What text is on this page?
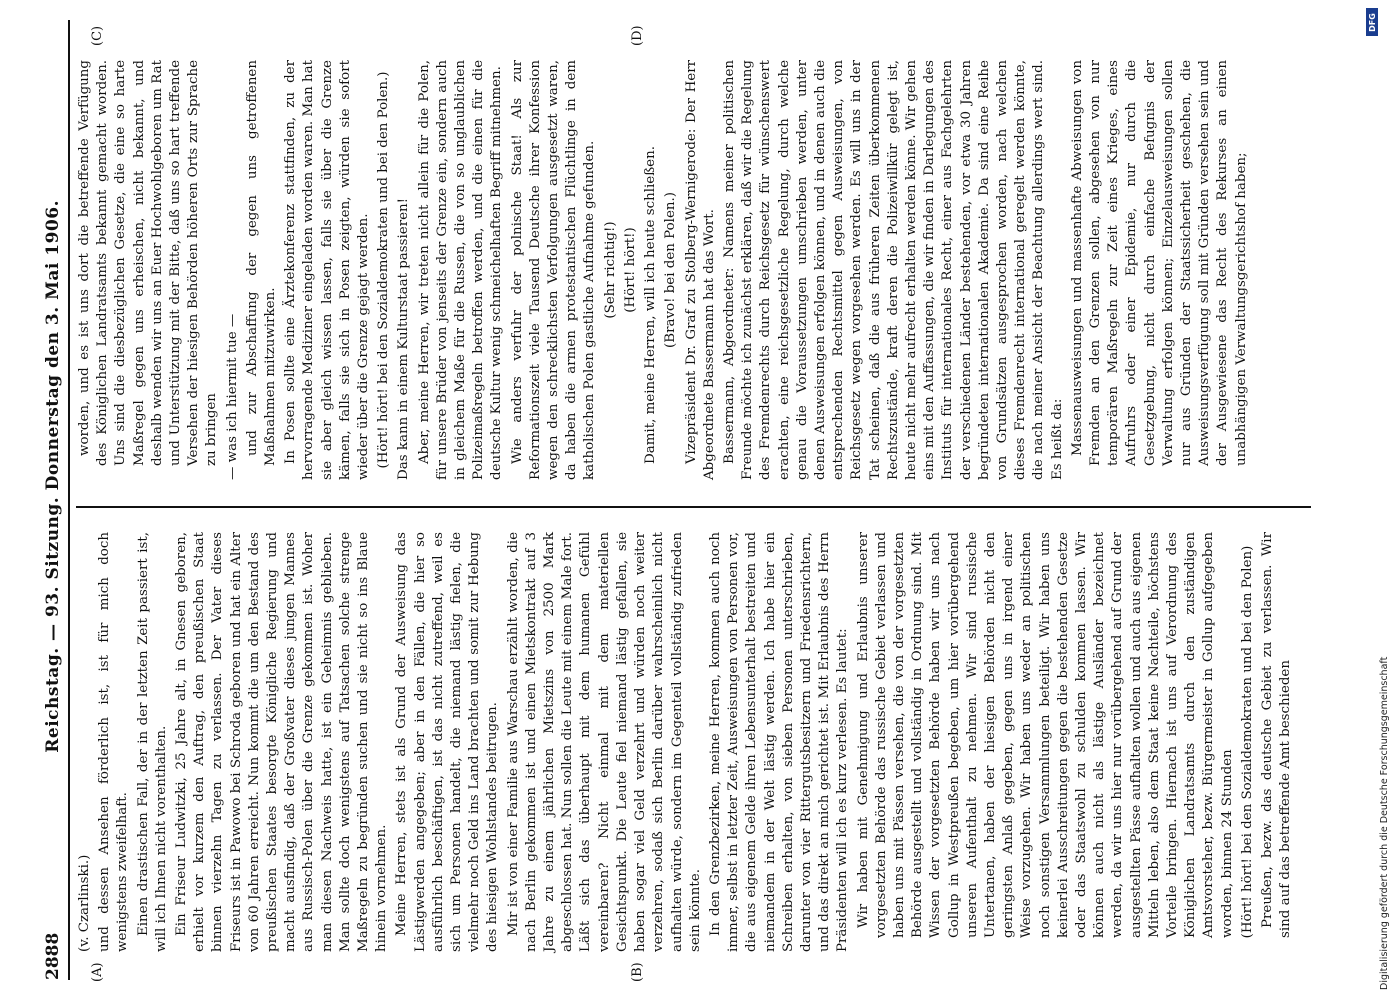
2888
Reichstag. — 93. Sitzung. Donnerstag den 3. Mai 1906.
(A)	(B)
(C)	(D)

(v. Czarlinski.) und dessen Ansehen förderlich ist, ist für mich doch wenigstens zweifelhaft. Einen drastischen Fall, der in der letzten Zeit passiert ist, will ich Ihnen nicht vorenthalten. Ein Friseur Ludwitzki, 25 Jahre alt, in Gnesen geboren, erhielt vor kurzem den Auftrag, den preußischen Staat binnen vierzehn Tagen zu verlassen. Der Vater dieses Friseurs ist in Pawowo bei Schroda geboren und hat ein Alter von 60 Jahren erreicht. Nun kommt die um den Bestand des preußischen Staates besorgte Königliche Regierung und macht ausfindig, daß der Großvater dieses jungen Mannes aus Russisch-Polen über die Grenze gekommen ist. Woher man diesen Nachweis hatte, ist ein Geheimnis geblieben. Man sollte doch wenigstens auf Tatsachen solche strenge Maßregeln zu begründen suchen und sie nicht so ins Blaue hinein vornehmen. Meine Herren, stets ist als Grund der Ausweisung das Lästigwerden angegeben; aber in den Fällen, die hier so ausführlich beschäftigen, ist das nicht zutreffend, weil es sich um Personen handelt, die niemand lästig fielen, die vielmehr noch Geld ins Land brachten und somit zur Hebung des hiesigen Wohlstandes beitrugen. Mir ist von einer Familie aus Warschau erzählt worden, die nach Berlin gekommen ist und einen Mietskontrakt auf 3 Jahre zu einem jährlichen Mietszins von 2500 Mark abgeschlossen hat. Nun sollen die Leute mit einem Male fort. Läßt sich das überhaupt mit dem humanen Gefühl vereinbaren? Nicht einmal mit dem materiellen Gesichtspunkt. Die Leute fiel niemand lästig gefallen, sie haben sogar viel Geld verzehrt und würden noch weiter verzehren, sodaß sich Berlin darüber wahrscheinlich nicht aufhalten würde, sondern im Gegenteil vollständig zufrieden sein könnte. In den Grenzbezirken, meine Herren, kommen auch noch immer, selbst in letzter Zeit, Ausweisungen von Personen vor, die aus eigenem Gelde ihren Lebensunterhalt bestreiten und niemandem in der Welt lästig werden. Ich habe hier ein Schreiben erhalten, von sieben Personen unterschrieben, darunter von vier Rittergutsbesitzern und Friedensrichtern, und das direkt an mich gerichtet ist. Mit Erlaubnis des Herrn Präsidenten will ich es kurz verlesen. Es lautet: Wir haben mit Genehmigung und Erlaubnis unserer vorgesetzten Behörde das russische Gebiet verlassen und haben uns mit Pässen versehen, die von der vorgesetzten Behörde ausgestellt und vollständig in Ordnung sind. Mit Wissen der vorgesetzten Behörde haben wir uns nach Gollup in Westpreußen begeben, um hier vorübergehend unseren Aufenthalt zu nehmen. Wir sind russische Untertanen, haben der hiesigen Behörden nicht den geringsten Anlaß gegeben, gegen uns in irgend einer Weise vorzugehen. Wir haben uns weder an politischen noch sonstigen Versammlungen beteiligt. Wir haben uns keinerlei Ausschreitungen gegen die bestehenden Gesetze oder das Staatswohl zu schulden kommen lassen. Wir können auch nicht als lästige Ausländer bezeichnet werden, da wir uns hier nur vorübergehend auf Grund der ausgestellten Pässe aufhalten wollen und auch aus eigenen Mitteln leben, also dem Staat keine Nachteile, höchstens Vorteile bringen. Hiernach ist uns auf Verordnung des Königlichen Landratsamts durch den zuständigen Amtsvorsteher, bezw. Bürgermeister in Gollup aufgegeben worden, binnen 24 Stunden (Hört! hört! bei den Sozialdemokraten und bei den Polen) Preußen, bezw. das deutsche Gebiet zu verlassen. Wir sind auf das betreffende Amt beschieden

worden, und es ist uns dort die betreffende Verfügung des Königlichen Landratsamts bekannt gemacht worden. Uns sind die diesbezüglichen Gesetze, die eine so harte Maßregel gegen uns erheischen, nicht bekannt, und deshalb wenden wir uns an Euer Hochwohlgeboren um Rat und Unterstützung mit der Bitte, daß uns so hart treffende Versehen der hiesigen Behörden höheren Orts zur Sprache zu bringen — was ich hiermit tue — und zur Abschaffung der gegen uns getroffenen Maßnahmen mitzuwirken. In Posen sollte eine Ärztekonferenz stattfinden, zu der hervorragende Mediziner eingeladen worden waren. Man hat sie aber gleich wissen lassen, falls sie über die Grenze kämen, falls sie sich in Posen zeigten, würden sie sofort wieder über die Grenze gejagt werden. (Hört! hört! bei den Sozialdemokraten und bei den Polen.) Das kann in einem Kulturstaat passieren! Aber, meine Herren, wir treten nicht allein für die Polen, für unsere Brüder von jenseits der Grenze ein, sondern auch in gleichem Maße für die Russen, die von so unglaublichen Polizeimaßregeln betroffen werden, und die einen für die deutsche Kultur wenig schmeichelhaften Begriff mitnehmen. Wie anders verfuhr der polnische Staat! Als zur Reformationszeit viele Tausend Deutsche ihrer Konfession wegen den schrecklichsten Verfolgungen ausgesetzt waren, da haben die armen protestantischen Flüchtlinge in dem katholischen Polen gastliche Aufnahme gefunden. (Sehr richtig!) (Hört! hört!) Damit, meine Herren, will ich heute schließen. (Bravo! bei den Polen.) Vizepräsident Dr. Graf zu Stolberg-Wernigerode: Der Herr Abgeordnete Bassermann hat das Wort. Bassermann, Abgeordneter: Namens meiner politischen Freunde möchte ich zunächst erklären, daß wir die Regelung des Fremdenrechts durch Reichsgesetz für wünschenswert erachten, eine reichsgesetzliche Regelung, durch welche genau die Voraussetzungen umschrieben werden, unter denen Ausweisungen erfolgen können, und in denen auch die entsprechenden Rechtsmittel gegen Ausweisungen, von Reichsgesetz wegen vorgesehen werden. Es will uns in der Tat scheinen, daß die aus früheren Zeiten überkommenen Rechtszustände, kraft deren die Polizeiwillkür gelegt ist, heute nicht mehr aufrecht erhalten werden könne. Wir gehen eins mit den Auffassungen, die wir finden in Darlegungen des Instituts für internationales Recht, einer aus Fachgelehrten der verschiedenen Länder bestehenden, vor etwa 30 Jahren begründeten internationalen Akademie. Da sind eine Reihe von Grundsätzen ausgesprochen worden, nach welchen dieses Fremdenrecht international geregelt werden könnte, die nach meiner Ansicht der Beachtung allerdings wert sind. Es heißt da: Massenausweisungen und massenhafte Abweisungen von Fremden an den Grenzen sollen, abgesehen von nur temporären Maßregeln zur Zeit eines Krieges, eines Aufruhrs oder einer Epidemie, nur durch die Gesetzgebung, nicht durch einfache Befugnis der Verwaltung erfolgen können; Einzelausweisungen sollen nur aus Gründen der Staatssicherheit geschehen, die Ausweisungsverfügung soll mit Gründen versehen sein und der Ausgewiesene das Recht des Rekurses an einen unabhängigen Verwaltungsgerichtshof haben;

DFG
Digitalisierung gefördert durch die Deutsche Forschungsgemeinschaft
